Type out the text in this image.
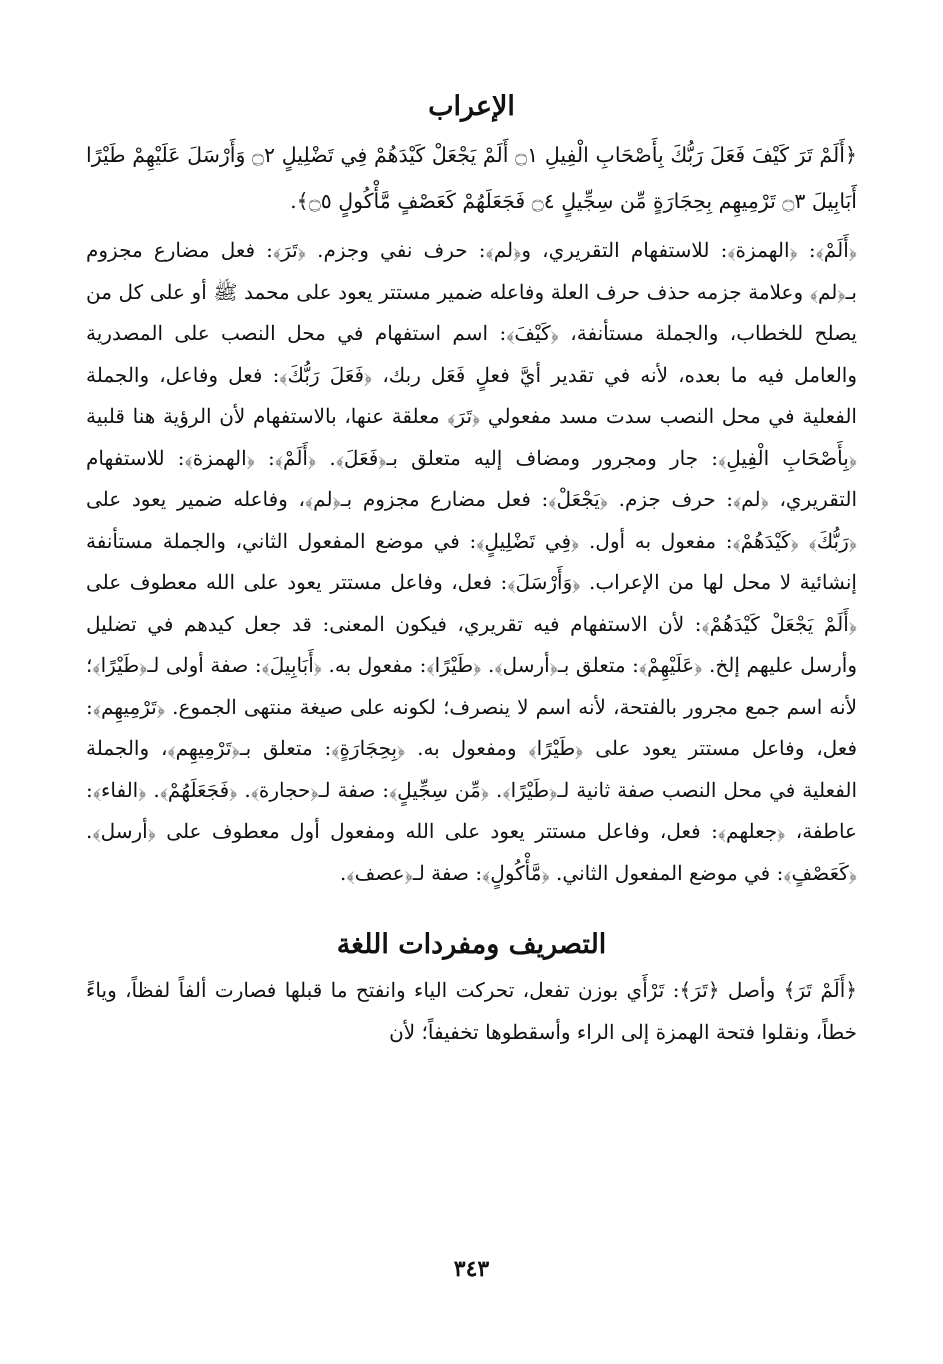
الإعراب

﴿أَلَمْ تَرَ كَيْفَ فَعَلَ رَبُّكَ بِأَصْحَابِ الْفِيلِ ۝١ أَلَمْ يَجْعَلْ كَيْدَهُمْ فِي تَضْلِيلٍ ۝٢ وَأَرْسَلَ عَلَيْهِمْ طَيْرًا أَبَابِيلَ ۝٣ تَرْمِيهِم بِحِجَارَةٍ مِّن سِجِّيلٍ ۝٤ فَجَعَلَهُمْ كَعَصْفٍ مَّأْكُولٍ ۝٥﴾.

﴿أَلَمْ﴾: ﴿الهمزة﴾: للاستفهام التقريري، و﴿لم﴾: حرف نفي وجزم. ﴿تَرَ﴾: فعل مضارع مجزوم بـ﴿لم﴾ وعلامة جزمه حذف حرف العلة وفاعله ضمير مستتر يعود على محمد ﷺ أو على كل من يصلح للخطاب، والجملة مستأنفة، ﴿كَيْفَ﴾: اسم استفهام في محل النصب على المصدرية والعامل فيه ما بعده، لأنه في تقدير أيَّ فعلٍ فَعَل ربك، ﴿فَعَلَ رَبُّكَ﴾: فعل وفاعل، والجملة الفعلية في محل النصب سدت مسد مفعولي ﴿تَرَ﴾ معلقة عنها، بالاستفهام لأن الرؤية هنا قلبية ﴿بِأَصْحَابِ الْفِيلِ﴾: جار ومجرور ومضاف إليه متعلق بـ﴿فَعَلَ﴾. ﴿أَلَمْ﴾: ﴿الهمزة﴾: للاستفهام التقريري، ﴿لم﴾: حرف جزم. ﴿يَجْعَلْ﴾: فعل مضارع مجزوم بـ﴿لم﴾، وفاعله ضمير يعود على ﴿رَبُّكَ﴾ ﴿كَيْدَهُمْ﴾: مفعول به أول. ﴿فِي تَضْلِيلٍ﴾: في موضع المفعول الثاني، والجملة مستأنفة إنشائية لا محل لها من الإعراب. ﴿وَأَرْسَلَ﴾: فعل، وفاعل مستتر يعود على الله معطوف على ﴿أَلَمْ يَجْعَلْ كَيْدَهُمْ﴾: لأن الاستفهام فيه تقريري، فيكون المعنى: قد جعل كيدهم في تضليل وأرسل عليهم إلخ. ﴿عَلَيْهِمْ﴾: متعلق بـ﴿أرسل﴾. ﴿طَيْرًا﴾: مفعول به. ﴿أَبَابِيلَ﴾: صفة أولى لـ﴿طَيْرًا﴾؛ لأنه اسم جمع مجرور بالفتحة، لأنه اسم لا ينصرف؛ لكونه على صيغة منتهى الجموع. ﴿تَرْمِيهِم﴾: فعل، وفاعل مستتر يعود على ﴿طَيْرًا﴾ ومفعول به. ﴿بِحِجَارَةٍ﴾: متعلق بـ﴿تَرْمِيهِم﴾، والجملة الفعلية في محل النصب صفة ثانية لـ﴿طَيْرًا﴾. ﴿مِّن سِجِّيلٍ﴾: صفة لـ﴿حجارة﴾. ﴿فَجَعَلَهُمْ﴾. ﴿الفاء﴾: عاطفة، ﴿جعلهم﴾: فعل، وفاعل مستتر يعود على الله ومفعول أول معطوف على ﴿أرسل﴾. ﴿كَعَصْفٍ﴾: في موضع المفعول الثاني. ﴿مَّأْكُولٍ﴾: صفة لـ﴿عصف﴾.

التصريف ومفردات اللغة

﴿أَلَمْ تَرَ﴾ وأصل ﴿تَرَ﴾: تَرْأَي بوزن تفعل، تحركت الياء وانفتح ما قبلها فصارت ألفاً لفظاً، وياءً خطاً، ونقلوا فتحة الهمزة إلى الراء وأسقطوها تخفيفاً؛ لأن

٣٤٣
